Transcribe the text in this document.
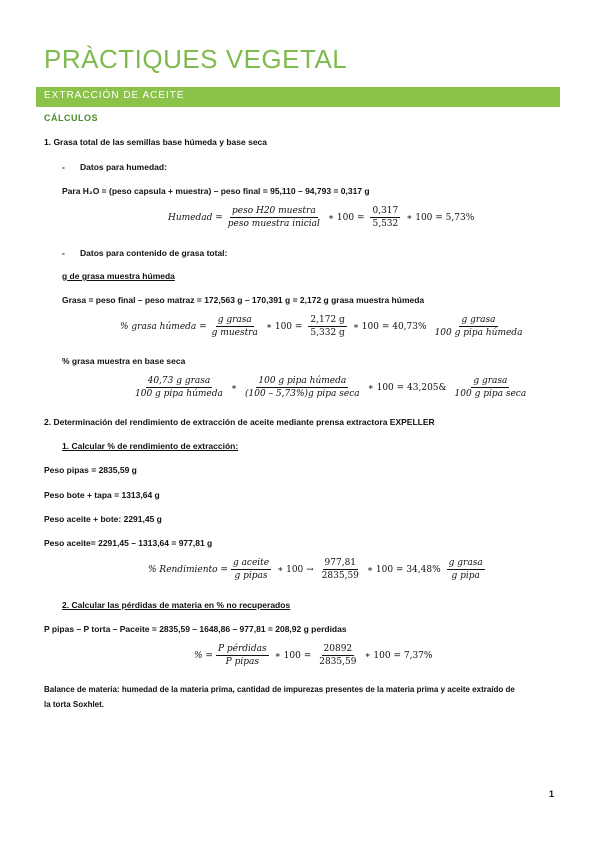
PRÀCTIQUES VEGETAL
EXTRACCIÓN DE ACEITE
CÁLCULOS
1. Grasa total de las semillas base húmeda y base seca
- Datos para humedad:
Para H₂O = (peso capsula + muestra) – peso final = 95,110 – 94,793 = 0,317 g
Humedad = $\frac{\text{peso H20 muestra}}{\text{peso muestra inicial}}$ ∗ $100 = \frac{0,317}{5,532}$ ∗ 100 = 5,73%
- Datos para contenido de grasa total:
g de grasa muestra húmeda
Grasa = peso final – peso matraz = 172,563 g – 170,391 g = 2,172 g grasa muestra húmeda
% grasa húmeda = $\frac{\text{g grasa}}{\text{g muestra}}$ ∗ $100 = \frac{2,172 g}{5,332 g}$ ∗ $100 = 40,73\% \frac{\text{g grasa}}{\text{100 g pipa húmeda}}$
% grasa muestra en base seca
$\frac{\text{40,73 g grasa}}{\text{100 g pipa húmeda}}$ ∗ $\frac{\text{100 g pipa húmeda}}{\text{(100 – 5,73\%)g pipa seca}}$ ∗ 100 = 43,205& $\frac{\text{g grasa}}{\text{100 g pipa seca}}$
2. Determinación del rendimiento de extracción de aceite mediante prensa extractora EXPELLER
1. Calcular % de rendimiento de extracción:
Peso pipas = 2835,59 g
Peso bote + tapa = 1313,64 g
Peso aceite + bote: 2291,45 g
Peso aceite= 2291,45 – 1313,64 = 977,81 g
% Rendimiento = $\frac{\text{g aceite}}{\text{g pipas}}$ ∗ $100 \to \frac{977,81}{2835,59}$ ∗ $100 = 34,48\% \frac{\text{g grasa}}{\text{g pipa}}$
2. Calcular las pérdidas de materia en % no recuperados
P pipas – P torta – Paceite = 2835,59 – 1648,86 – 977,81 = 208,92 g perdidas
% = $\frac{\text{P pérdidas}}{\text{P pipas}}$ ∗ $100 = \frac{20892}{2835,59}$ ∗ 100 = 7,37%
Balance de materia: humedad de la materia prima, cantidad de impurezas presentes de la materia prima y aceite extraído de
la torta Soxhlet.
1
